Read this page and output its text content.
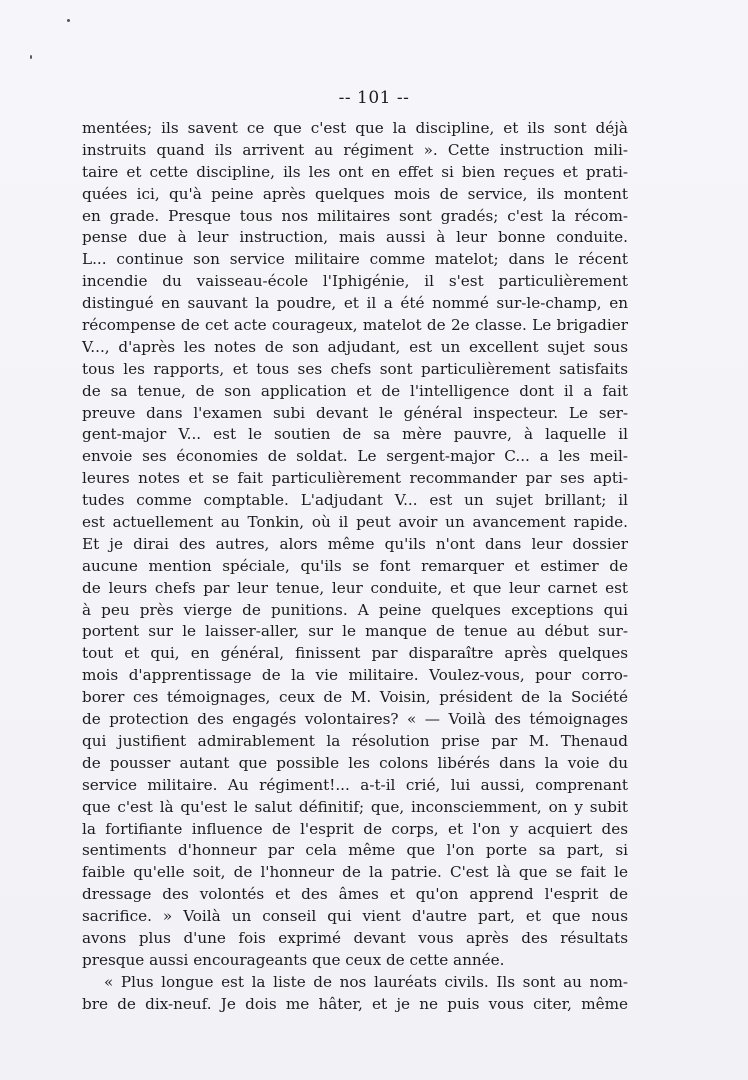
-- 101 --
mentées; ils savent ce que c'est que la discipline, et ils sont déjà
instruits quand ils arrivent au régiment ». Cette instruction mili-
taire et cette discipline, ils les ont en effet si bien reçues et prati-
quées ici, qu'à peine après quelques mois de service, ils montent
en grade. Presque tous nos militaires sont gradés; c'est la récom-
pense due à leur instruction, mais aussi à leur bonne conduite.
L... continue son service militaire comme matelot; dans le récent
incendie du vaisseau-école l'Iphigénie, il s'est particulièrement
distingué en sauvant la poudre, et il a été nommé sur-le-champ, en
récompense de cet acte courageux, matelot de 2e classe. Le brigadier
V..., d'après les notes de son adjudant, est un excellent sujet sous
tous les rapports, et tous ses chefs sont particulièrement satisfaits
de sa tenue, de son application et de l'intelligence dont il a fait
preuve dans l'examen subi devant le général inspecteur. Le ser-
gent-major V... est le soutien de sa mère pauvre, à laquelle il
envoie ses économies de soldat. Le sergent-major C... a les meil-
leures notes et se fait particulièrement recommander par ses apti-
tudes comme comptable. L'adjudant V... est un sujet brillant; il
est actuellement au Tonkin, où il peut avoir un avancement rapide.
Et je dirai des autres, alors même qu'ils n'ont dans leur dossier
aucune mention spéciale, qu'ils se font remarquer et estimer de
de leurs chefs par leur tenue, leur conduite, et que leur carnet est
à peu près vierge de punitions. A peine quelques exceptions qui
portent sur le laisser-aller, sur le manque de tenue au début sur-
tout et qui, en général, finissent par disparaître après quelques
mois d'apprentissage de la vie militaire. Voulez-vous, pour corro-
borer ces témoignages, ceux de M. Voisin, président de la Société
de protection des engagés volontaires? « — Voilà des témoignages
qui justifient admirablement la résolution prise par M. Thenaud
de pousser autant que possible les colons libérés dans la voie du
service militaire. Au régiment!... a-t-il crié, lui aussi, comprenant
que c'est là qu'est le salut définitif; que, inconsciemment, on y subit
la fortifiante influence de l'esprit de corps, et l'on y acquiert des
sentiments d'honneur par cela même que l'on porte sa part, si
faible qu'elle soit, de l'honneur de la patrie. C'est là que se fait le
dressage des volontés et des âmes et qu'on apprend l'esprit de
sacrifice. » Voilà un conseil qui vient d'autre part, et que nous
avons plus d'une fois exprimé devant vous après des résultats
presque aussi encourageants que ceux de cette année.
« Plus longue est la liste de nos lauréats civils. Ils sont au nom-
bre de dix-neuf. Je dois me hâter, et je ne puis vous citer, même
